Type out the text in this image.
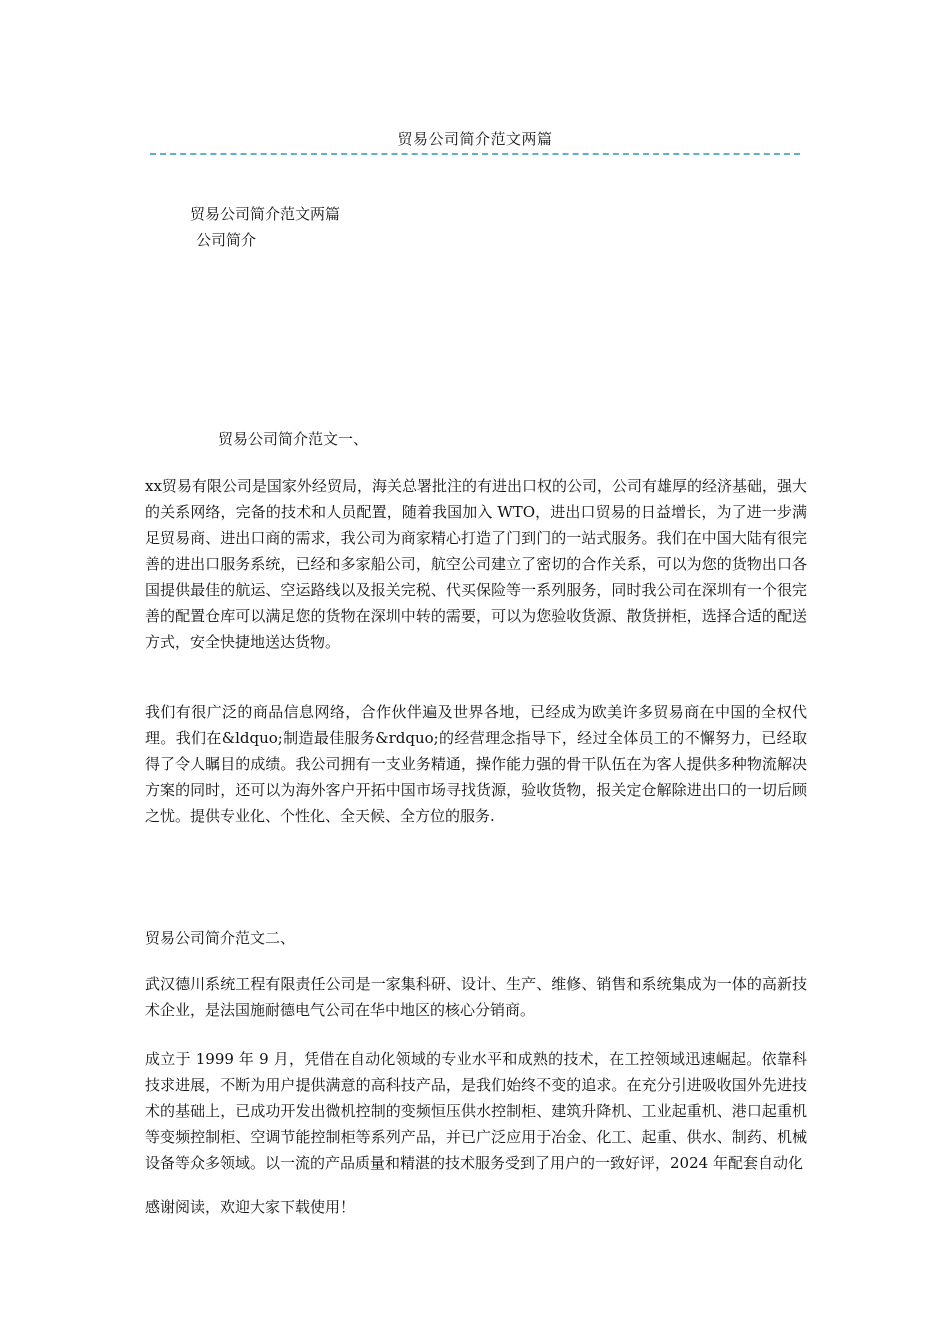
贸易公司简介范文两篇
贸易公司简介范文两篇
公司简介
贸易公司简介范文一、
xx贸易有限公司是国家外经贸局，海关总署批注的有进出口权的公司，公司有雄厚的经济基础，强大的关系网络，完备的技术和人员配置，随着我国加入 WTO，进出口贸易的日益增长，为了进一步满足贸易商、进出口商的需求，我公司为商家精心打造了门到门的一站式服务。我们在中国大陆有很完善的进出口服务系统，已经和多家船公司，航空公司建立了密切的合作关系，可以为您的货物出口各国提供最佳的航运、空运路线以及报关完税、代买保险等一系列服务，同时我公司在深圳有一个很完善的配置仓库可以满足您的货物在深圳中转的需要，可以为您验收货源、散货拼柜，选择合适的配送方式，安全快捷地送达货物。
我们有很广泛的商品信息网络，合作伙伴遍及世界各地，已经成为欧美许多贸易商在中国的全权代理。我们在&ldquo;制造最佳服务&rdquo;的经营理念指导下，经过全体员工的不懈努力，已经取得了令人瞩目的成绩。我公司拥有一支业务精通，操作能力强的骨干队伍在为客人提供多种物流解决方案的同时，还可以为海外客户开拓中国市场寻找货源，验收货物，报关定仓解除进出口的一切后顾之忧。提供专业化、个性化、全天候、全方位的服务.
贸易公司简介范文二、
武汉德川系统工程有限责任公司是一家集科研、设计、生产、维修、销售和系统集成为一体的高新技术企业，是法国施耐德电气公司在华中地区的核心分销商。
成立于 1999 年 9 月，凭借在自动化领域的专业水平和成熟的技术，在工控领域迅速崛起。依靠科技求进展，不断为用户提供满意的高科技产品，是我们始终不变的追求。在充分引进吸收国外先进技术的基础上，已成功开发出微机控制的变频恒压供水控制柜、建筑升降机、工业起重机、港口起重机等变频控制柜、空调节能控制柜等系列产品，并已广泛应用于冶金、化工、起重、供水、制药、机械设备等众多领域。以一流的产品质量和精湛的技术服务受到了用户的一致好评，2024 年配套自动化
感谢阅读，欢迎大家下载使用！
